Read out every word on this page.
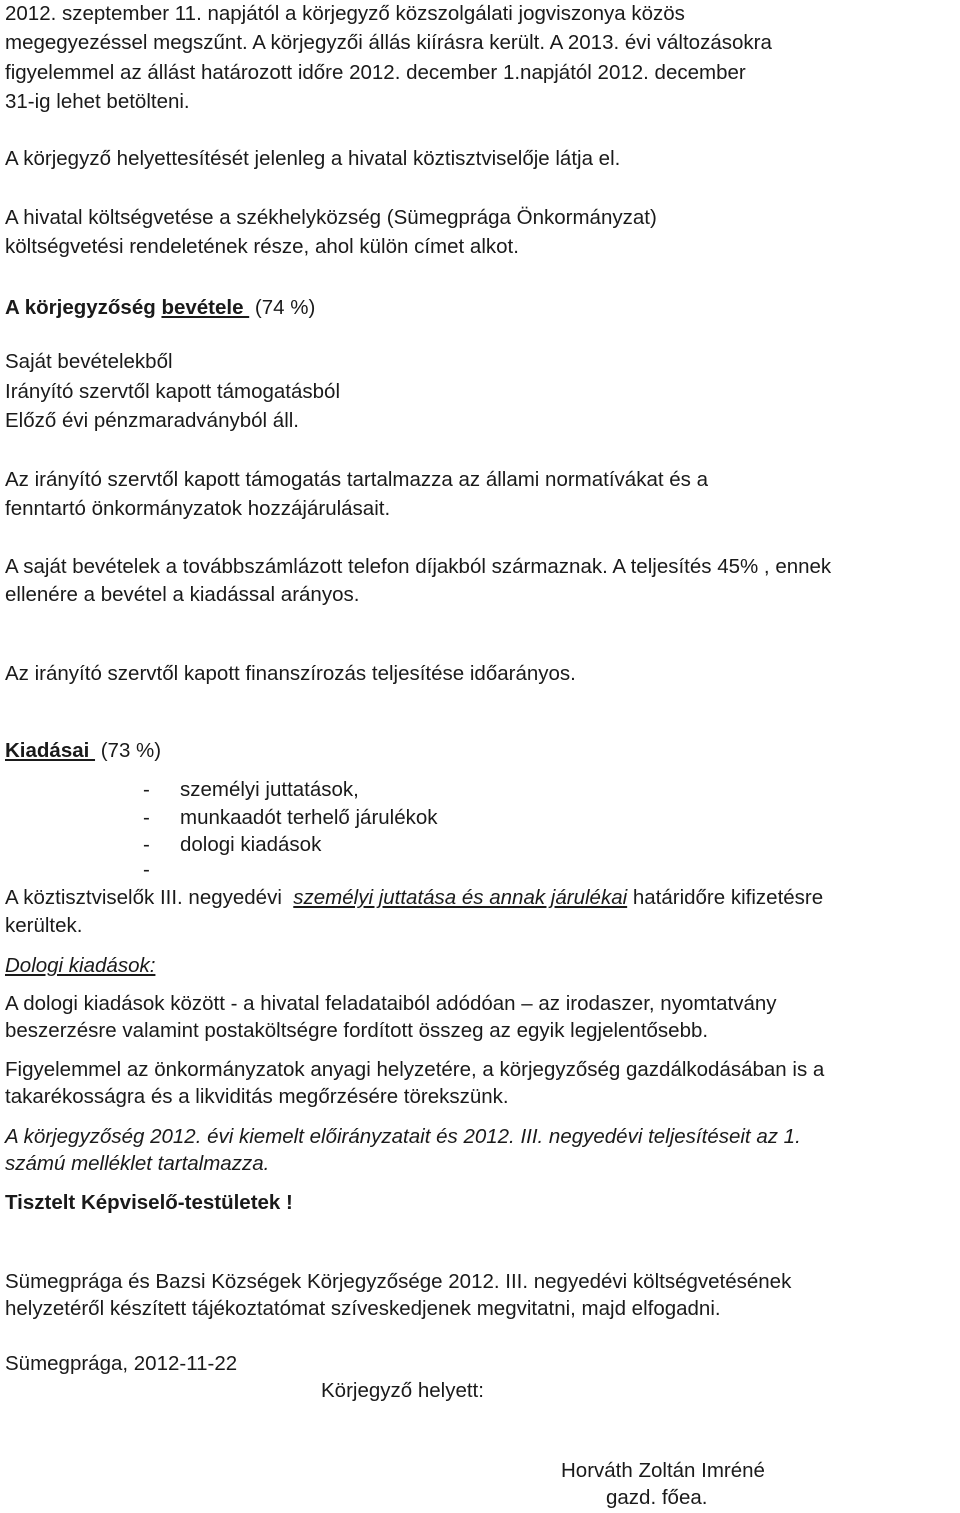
2012. szeptember 11. napjától a körjegyző közszolgálati jogviszonya közös
megegyezéssel megszűnt. A körjegyzői állás kiírásra került. A 2013. évi változásokra
figyelemmel az állást határozott időre 2012. december 1.napjától 2012. december
31-ig lehet betölteni.
A körjegyző helyettesítését jelenleg a hivatal köztisztviselője látja el.
A hivatal költségvetése a székhelyközség (Sümegprága Önkormányzat)
költségvetési rendeletének része, ahol külön címet alkot.
A körjegyzőség bevétele  (74 %)
Saját bevételekből
Irányító szervtől kapott támogatásból
Előző évi pénzmaradványból áll.
Az irányító szervtől kapott támogatás tartalmazza az állami normatívákat és a
fenntartó önkormányzatok hozzájárulásait.
A saját bevételek a továbbszámlázott telefon díjakból származnak. A teljesítés 45% , ennek
ellenére a bevétel a kiadással arányos.
Az irányító szervtől kapott finanszírozás teljesítése időarányos.
Kiadásai  (73 %)
- személyi juttatások,
- munkaadót terhelő járulékok
- dologi kiadások
-
A köztisztviselők III. negyedévi  személyi juttatása és annak járulékai határidőre kifizetésre
kerültek.
Dologi kiadások:
A dologi kiadások között - a hivatal feladataiból adódóan – az irodaszer, nyomtatvány
beszerzésre valamint postaköltségre fordított összeg az egyik legjelentősebb.
Figyelemmel az önkormányzatok anyagi helyzetére, a körjegyzőség gazdálkodásában is a
takarékosságra és a likviditás megőrzésére törekszünk.
A körjegyzőség 2012. évi kiemelt előirányzatait és 2012. III. negyedévi teljesítéseit az 1.
számú melléklet tartalmazza.
Tisztelt Képviselő-testületek !
Sümegprága és Bazsi Községek Körjegyzősége 2012. III. negyedévi költségvetésének
helyzetéről készített tájékoztatómat szíveskedjenek megvitatni, majd elfogadni.
Sümegprága, 2012-11-22
Körjegyző helyett:
Horváth Zoltán Imréné
gazd. főea.
